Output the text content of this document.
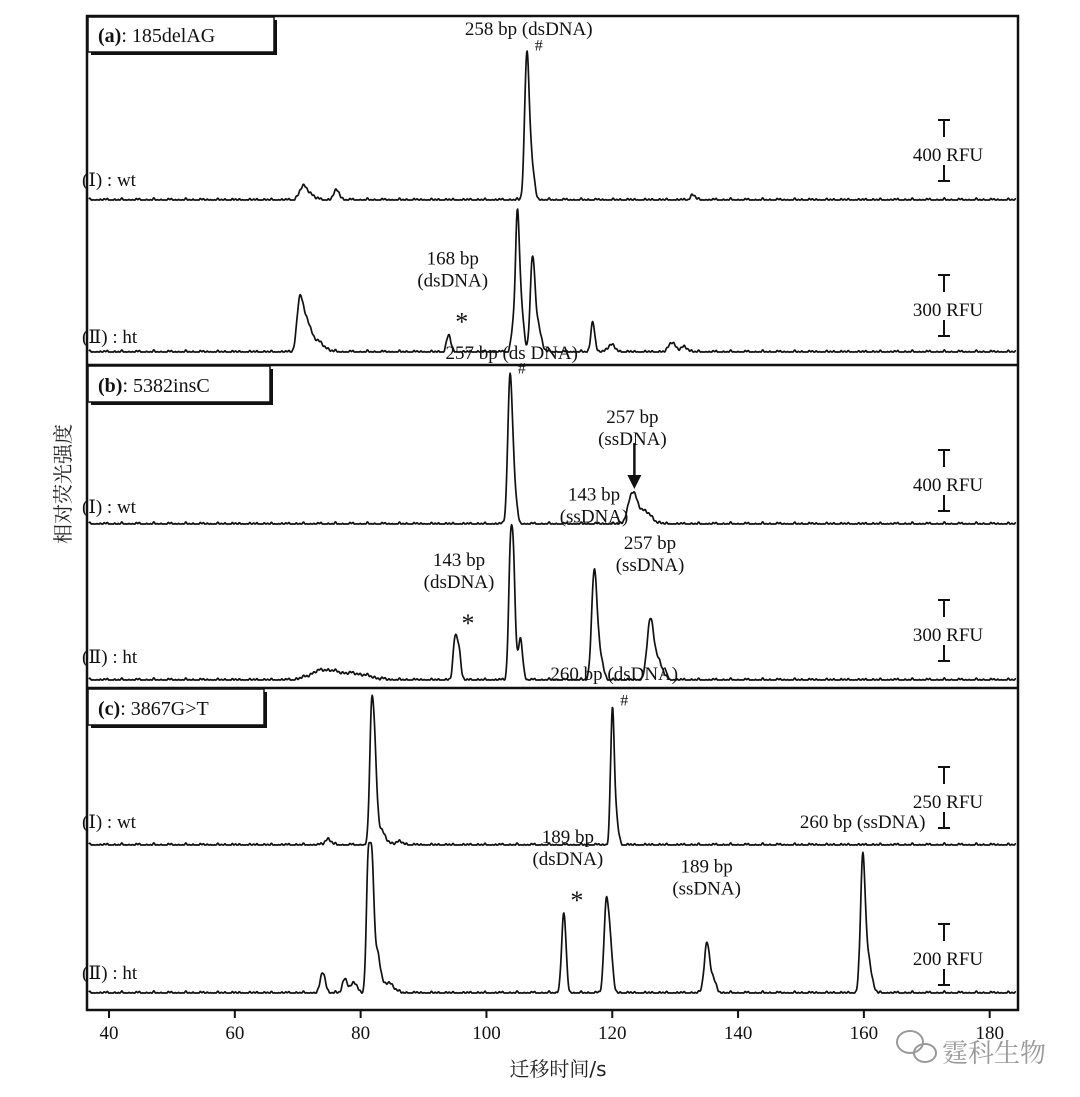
相对荧光强度
迁移时间/s
40	60	80	100	120	140	160	180
(a): 185delAG
(Ⅰ) : wt
400 RFU
258 bp (dsDNA)
#
(Ⅱ) : ht
300 RFU
168 bp
(dsDNA)
*
(b): 5382insC
(Ⅰ) : wt
400 RFU
257 bp (ds DNA)
#
257 bp
(ssDNA)
(Ⅱ) : ht
300 RFU
143 bp
(dsDNA)
*
143 bp
(ssDNA)
257 bp
(ssDNA)
(c): 3867G>T
(Ⅰ) : wt
250 RFU
260 bp (dsDNA)
#
(Ⅱ) : ht
200 RFU
189 bp
(dsDNA)
*
189 bp
(ssDNA)
260 bp (ssDNA)
霆科生物
